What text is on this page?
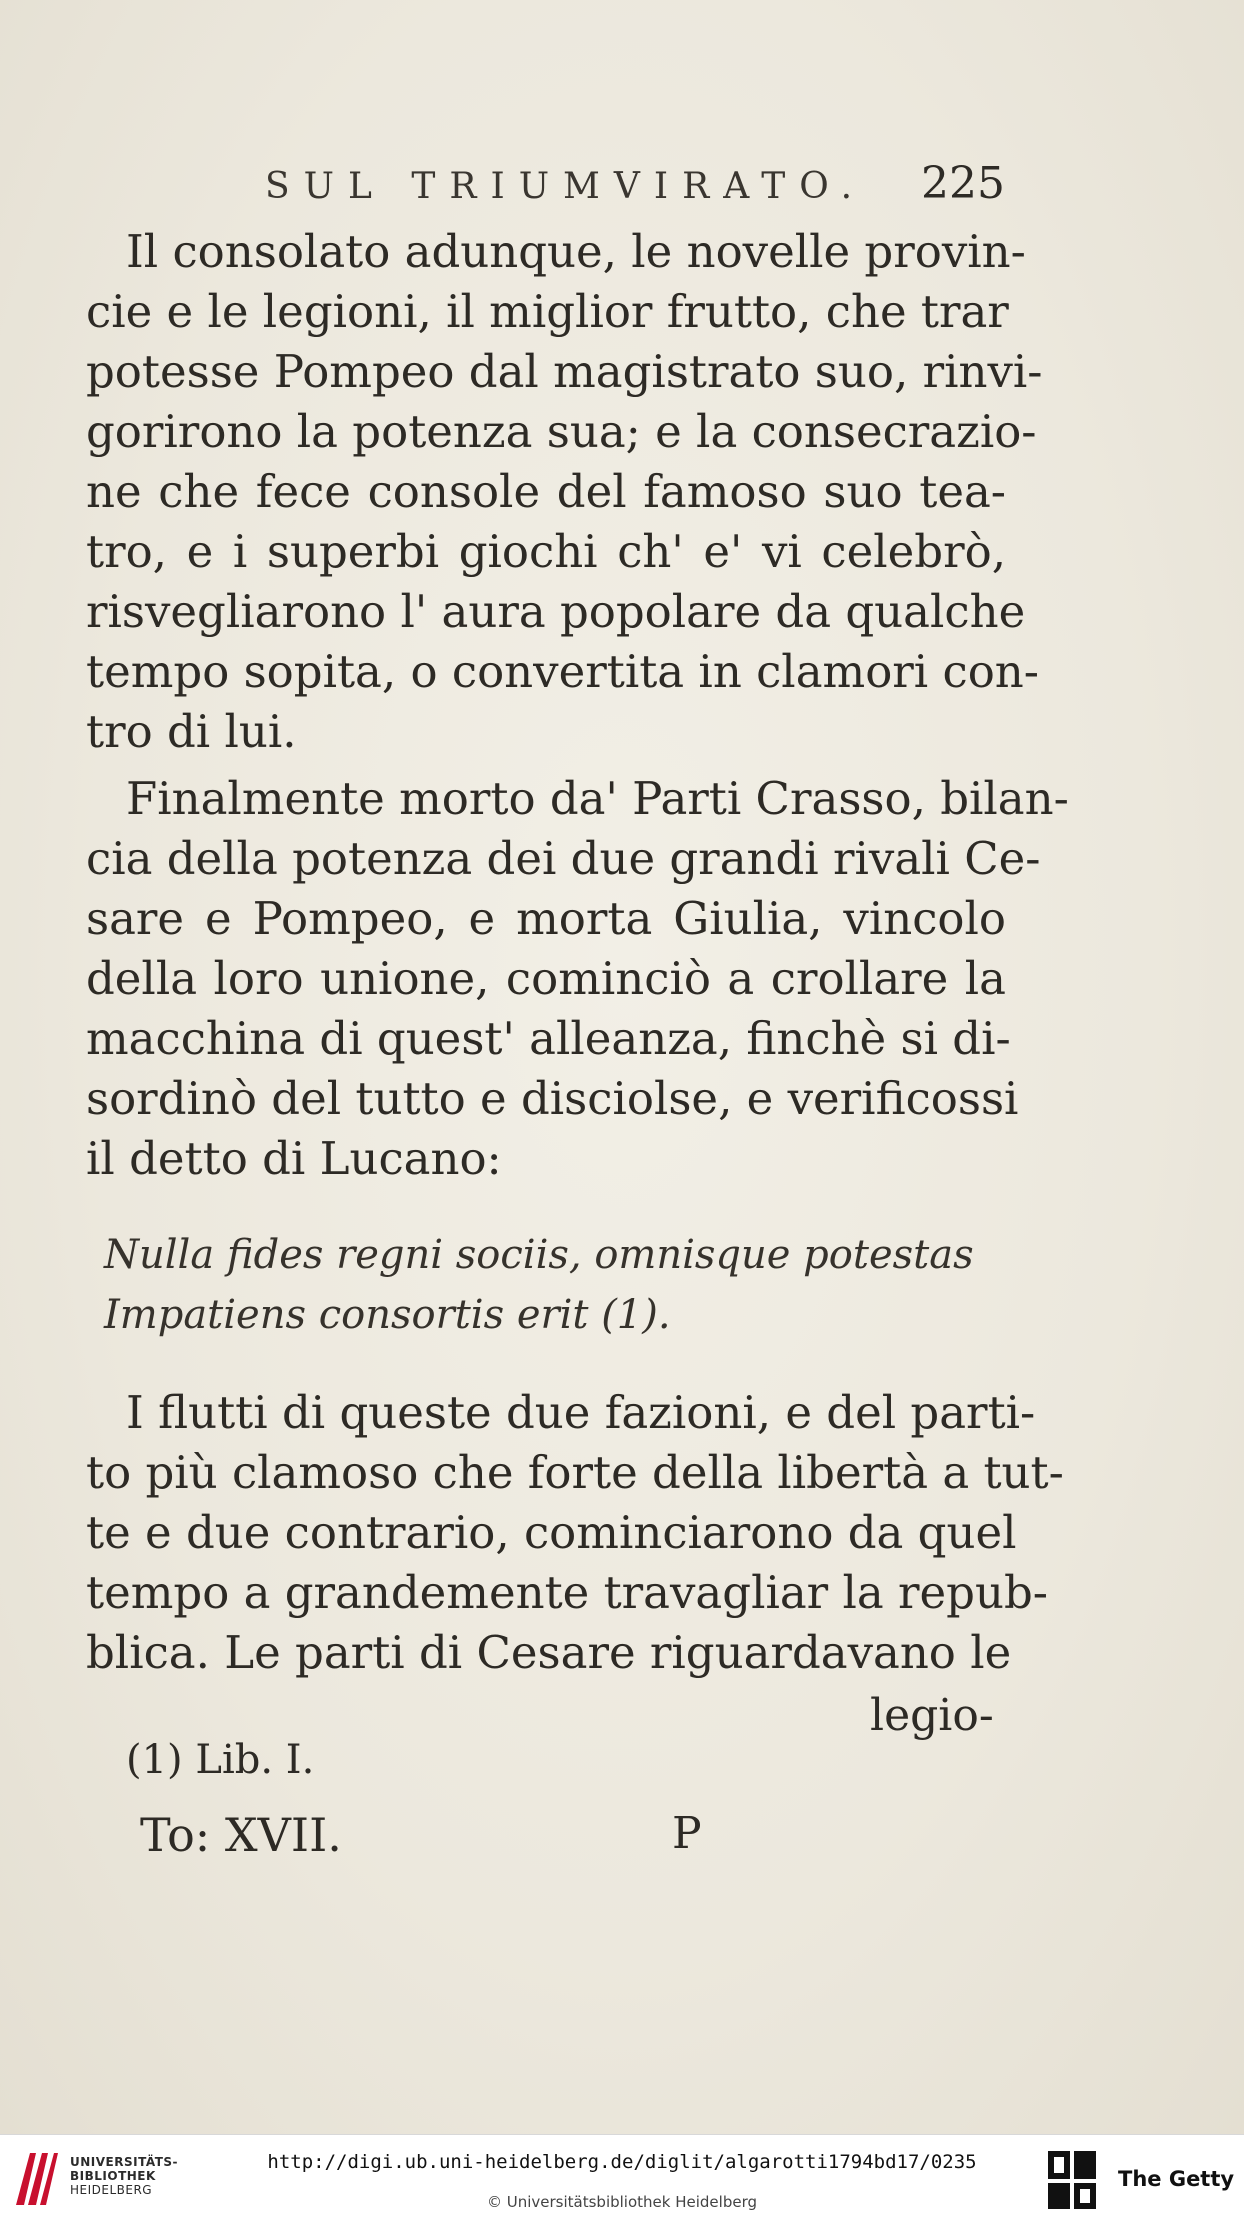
SUL TRIUMVIRATO. 225
Il consolato adunque, le novelle provin-
cie e le legioni, il miglior frutto, che trar
potesse Pompeo dal magistrato suo, rinvi-
gorirono la potenza sua; e la consecrazio-
ne che fece console del famoso suo tea-
tro, e i superbi giochi ch' e' vi celebrò,
risvegliarono l' aura popolare da qualche
tempo sopita, o convertita in clamori con-
tro di lui.
Finalmente morto da' Parti Crasso, bilan-
cia della potenza dei due grandi rivali Ce-
sare e Pompeo, e morta Giulia, vincolo
della loro unione, cominciò a crollare la
macchina di quest' alleanza, finchè si di-
sordinò del tutto e disciolse, e verificossi
il detto di Lucano:
Nulla fides regni sociis, omnisque potestas
Impatiens consortis erit (1).
I flutti di queste due fazioni, e del parti-
to più clamoso che forte della libertà a tut-
te e due contrario, cominciarono da quel
tempo a grandemente travagliar la repub-
blica. Le parti di Cesare riguardavano le
legio-
(1) Lib. I.
To: XVII.	P
UNIVERSITÄTS-
BIBLIOTHEK
HEIDELBERG
http://digi.ub.uni-heidelberg.de/diglit/algarotti1794bd17/0235
© Universitätsbibliothek Heidelberg
The Getty
